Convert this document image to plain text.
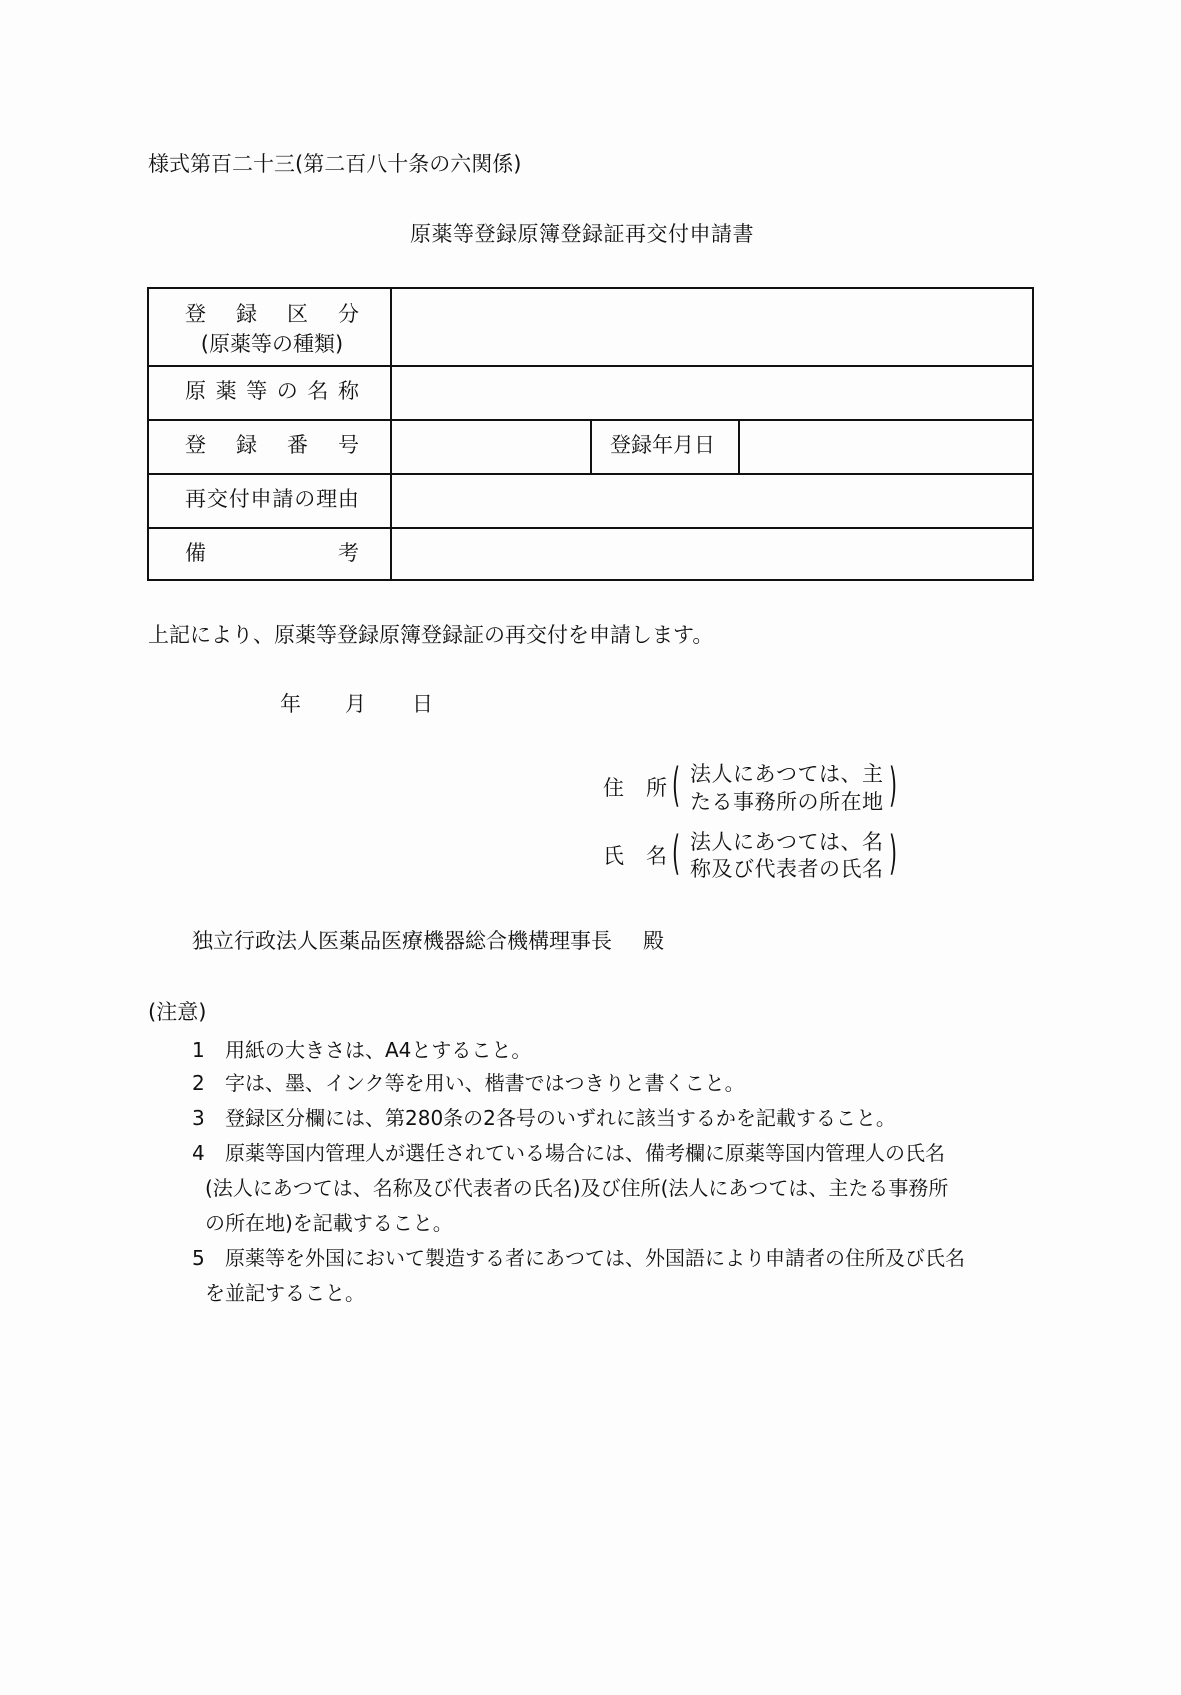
様式第百二十三(第二百八十条の六関係)
原薬等登録原簿登録証再交付申請書
登 録 区 分
(原薬等の種類)
原 薬 等 の 名 称
登 録 番 号	登録年月日
再 交 付 申 請 の 理 由
備	考
上記により、原薬等登録原簿登録証の再交付を申請します。
年 月 日
住 所 ( 法人にあつては、主
たる事務所の所在地 )
氏 名 ( 法人にあつては、名
称及び代表者の氏名 )
独立行政法人医薬品医療機器総合機構理事長 殿
(注意)
1 用紙の大きさは、A4とすること。
2 字は、墨、インク等を用い、楷書ではつきりと書くこと。
3 登録区分欄には、第280条の2各号のいずれに該当するかを記載すること。
4 原薬等国内管理人が選任されている場合には、備考欄に原薬等国内管理人の氏名
(法人にあつては、名称及び代表者の氏名)及び住所(法人にあつては、主たる事務所
の所在地)を記載すること。
5 原薬等を外国において製造する者にあつては、外国語により申請者の住所及び氏名
を並記すること。
